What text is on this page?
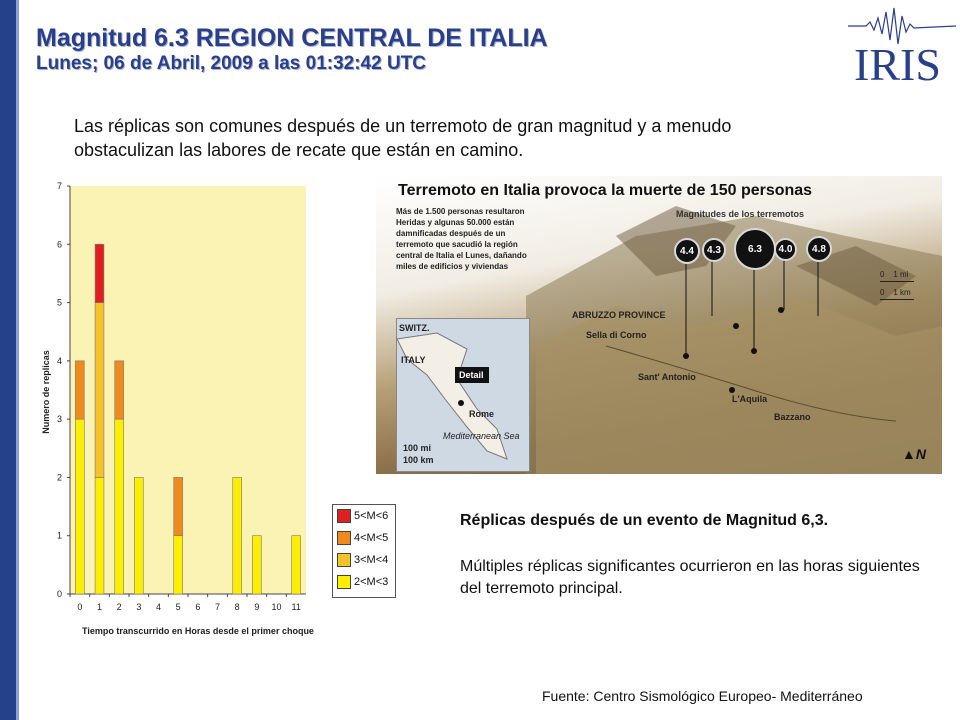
Magnitud 6.3 REGION CENTRAL DE ITALIA
Lunes; 06 de Abril, 2009 a las 01:32:42 UTC	IRIS
Las réplicas son comunes después de un terremoto de gran magnitud y a menudo obstaculizan las labores de recate que están en camino.
0
1
2
3
4
5
6
7
0 1 2 3 4 5 6 7 8 9 10 11
Numero de replicas
Tiempo transcurrido en Horas desde el primer choque
5<M<6
4<M<5
3<M<4
2<M<3
Terremoto en Italia provoca la muerte de 150 personas
Más de 1.500 personas resultaron Heridas y algunas 50.000 están damnificadas después de un terremoto que sacudió la región central de Italia el Lunes, dañando miles de edificios y viviendas
Magnitudes de los terremotos
4.4	4.3	6.3	4.0	4.8
0 1 mi
0 1 km
ABRUZZO PROVINCE
Sella di Corno
Sant' Antonio
L'Aquila
Bazzano
SWITZ.
ITALY
Detail
Rome
Mediterranean Sea
100 mi
100 km	▲N
Réplicas después de un evento de Magnitud 6,3.
Múltiples réplicas significantes ocurrieron en las horas siguientes del terremoto principal.
Fuente: Centro Sismológico Europeo- Mediterráneo
